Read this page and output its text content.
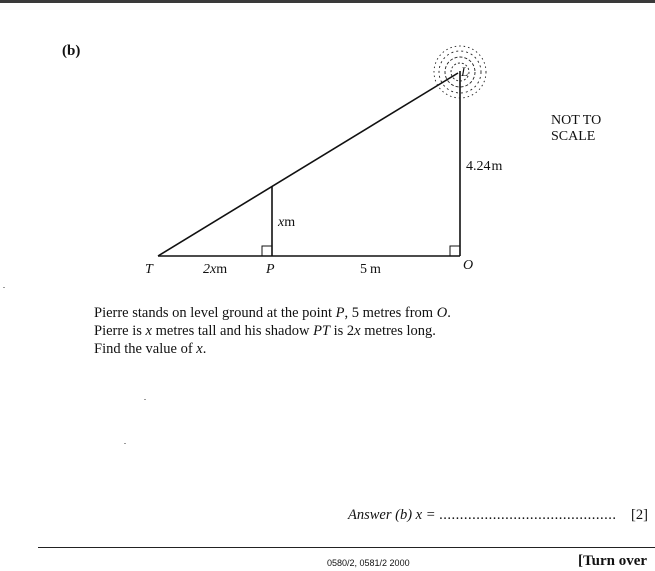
(b)
T	P	O
L
2xm	5 m
xm
4.24m
NOT TO
SCALE
Pierre stands on level ground at the point P, 5 metres from O.
Pierre is x metres tall and his shadow PT is 2x metres long.
Find the value of x.
Answer (b) x = ........................................... [2]
0580/2, 0581/2 2000	[Turn over
